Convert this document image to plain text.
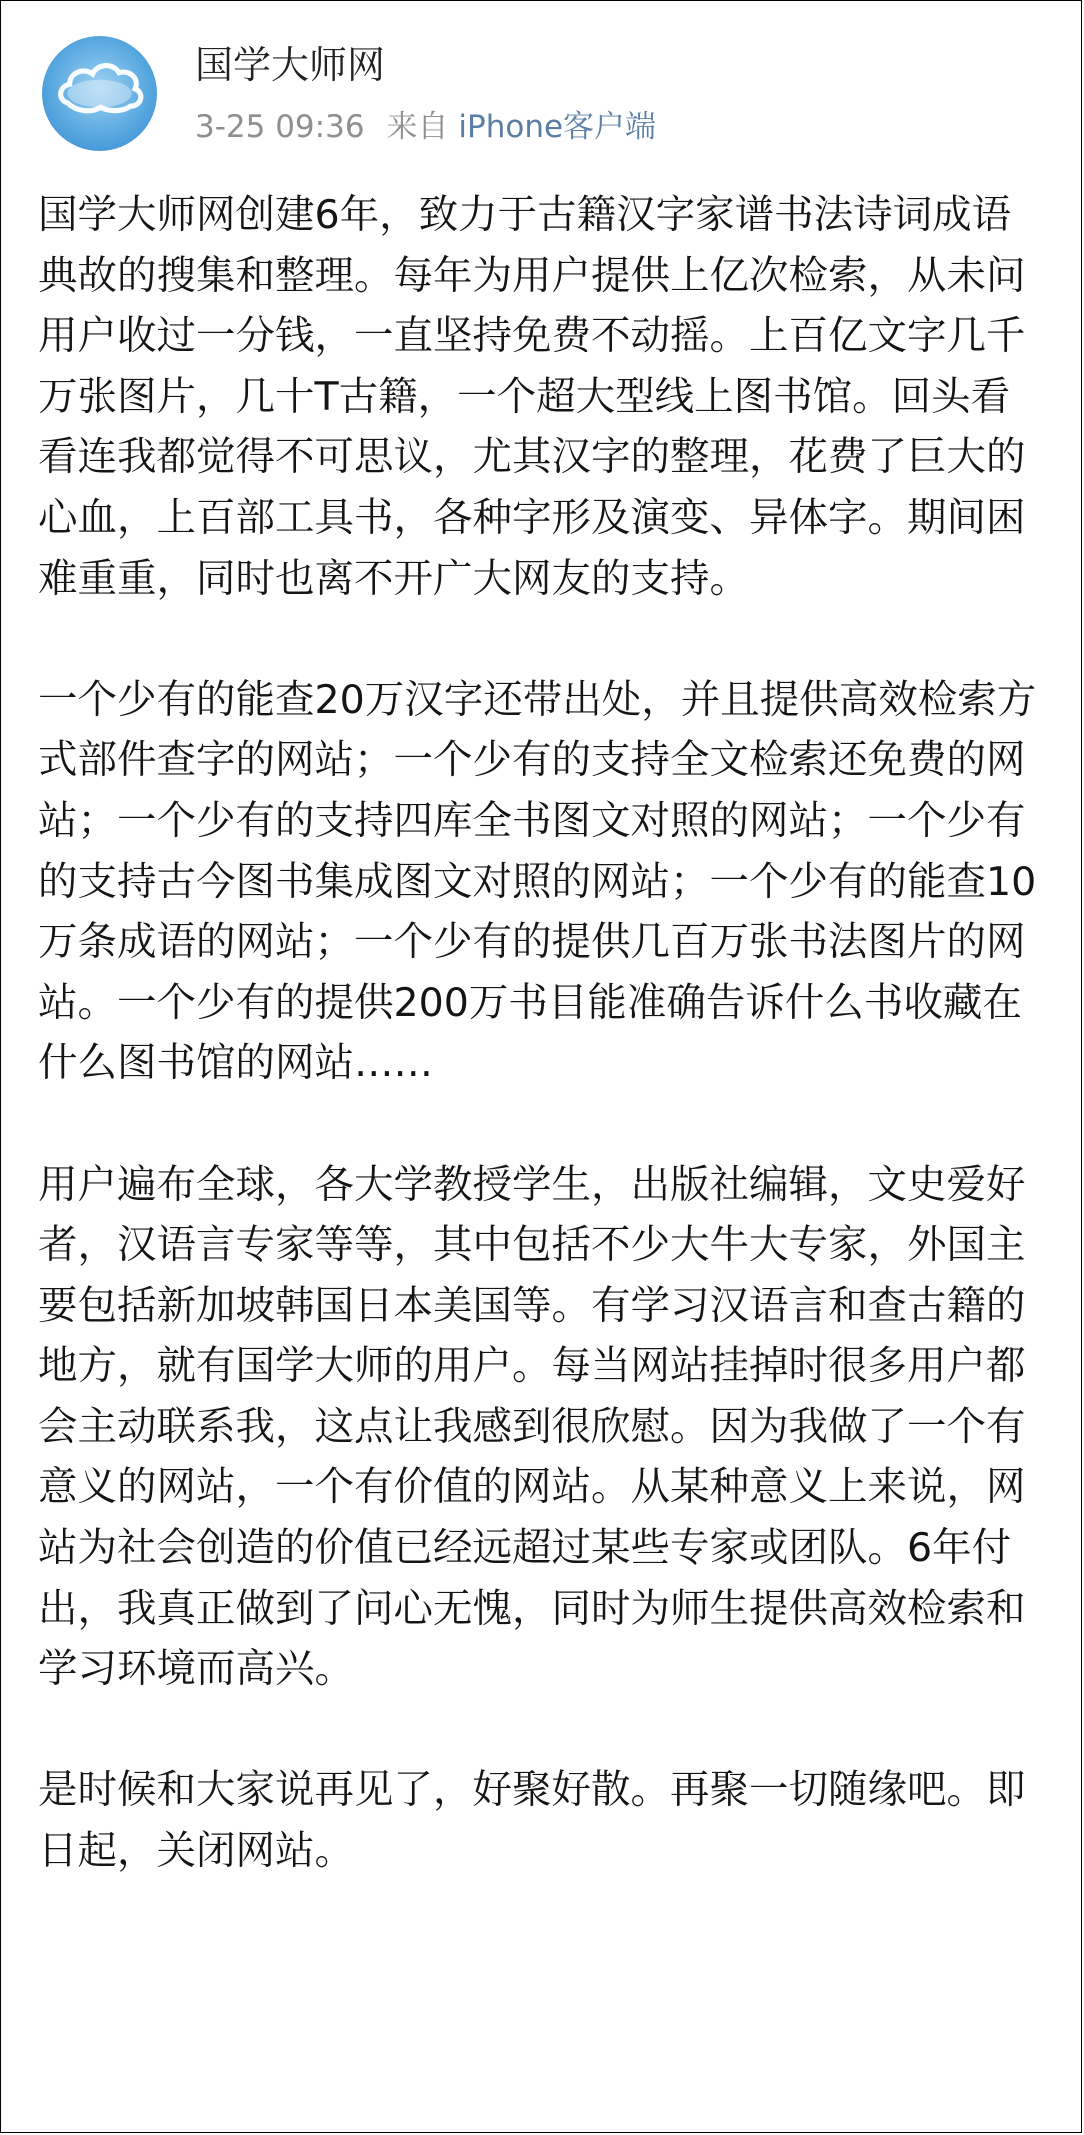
国学大师网
3-25 09:36 来自 iPhone客户端

国学大师网创建6年，致力于古籍汉字家谱书法诗词成语典故的搜集和整理。每年为用户提供上亿次检索，从未问用户收过一分钱，一直坚持免费不动摇。上百亿文字几千万张图片，几十T古籍，一个超大型线上图书馆。回头看看连我都觉得不可思议，尤其汉字的整理，花费了巨大的心血，上百部工具书，各种字形及演变、异体字。期间困难重重，同时也离不开广大网友的支持。

一个少有的能查20万汉字还带出处，并且提供高效检索方式部件查字的网站；一个少有的支持全文检索还免费的网站；一个少有的支持四库全书图文对照的网站；一个少有的支持古今图书集成图文对照的网站；一个少有的能查10万条成语的网站；一个少有的提供几百万张书法图片的网站。一个少有的提供200万书目能准确告诉什么书收藏在什么图书馆的网站……

用户遍布全球，各大学教授学生，出版社编辑，文史爱好者，汉语言专家等等，其中包括不少大牛大专家，外国主要包括新加坡韩国日本美国等。有学习汉语言和查古籍的地方，就有国学大师的用户。每当网站挂掉时很多用户都会主动联系我，这点让我感到很欣慰。因为我做了一个有意义的网站，一个有价值的网站。从某种意义上来说，网站为社会创造的价值已经远超过某些专家或团队。6年付出，我真正做到了问心无愧，同时为师生提供高效检索和学习环境而高兴。

是时候和大家说再见了，好聚好散。再聚一切随缘吧。即日起，关闭网站。
